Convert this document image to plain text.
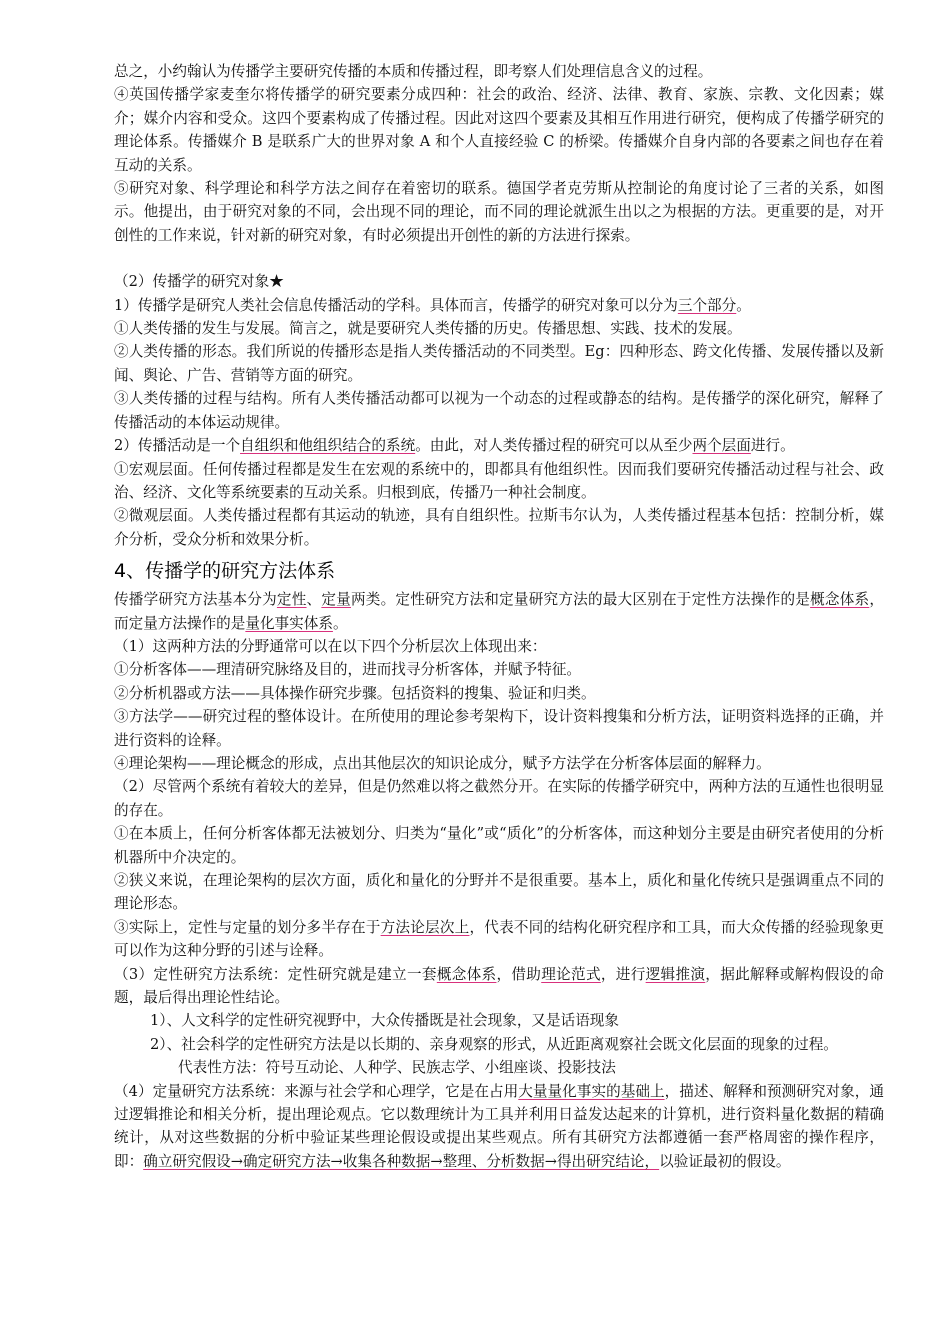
总之，小约翰认为传播学主要研究传播的本质和传播过程，即考察人们处理信息含义的过程。

④英国传播学家麦奎尔将传播学的研究要素分成四种：社会的政治、经济、法律、教育、家族、宗教、文化因素；媒介；媒介内容和受众。这四个要素构成了传播过程。因此对这四个要素及其相互作用进行研究，便构成了传播学研究的理论体系。传播媒介 B 是联系广大的世界对象 A 和个人直接经验 C 的桥梁。传播媒介自身内部的各要素之间也存在着互动的关系。

⑤研究对象、科学理论和科学方法之间存在着密切的联系。德国学者克劳斯从控制论的角度讨论了三者的关系，如图示。他提出，由于研究对象的不同，会出现不同的理论，而不同的理论就派生出以之为根据的方法。更重要的是，对开创性的工作来说，针对新的研究对象，有时必须提出开创性的新的方法进行探索。

（2）传播学的研究对象★

1）传播学是研究人类社会信息传播活动的学科。具体而言，传播学的研究对象可以分为三个部分。

①人类传播的发生与发展。简言之，就是要研究人类传播的历史。传播思想、实践、技术的发展。

②人类传播的形态。我们所说的传播形态是指人类传播活动的不同类型。Eg：四种形态、跨文化传播、发展传播以及新闻、舆论、广告、营销等方面的研究。

③人类传播的过程与结构。所有人类传播活动都可以视为一个动态的过程或静态的结构。是传播学的深化研究，解释了传播活动的本体运动规律。

2）传播活动是一个自组织和他组织结合的系统。由此，对人类传播过程的研究可以从至少两个层面进行。

①宏观层面。任何传播过程都是发生在宏观的系统中的，即都具有他组织性。因而我们要研究传播活动过程与社会、政治、经济、文化等系统要素的互动关系。归根到底，传播乃一种社会制度。

②微观层面。人类传播过程都有其运动的轨迹，具有自组织性。拉斯韦尔认为，人类传播过程基本包括：控制分析，媒介分析，受众分析和效果分析。

4、传播学的研究方法体系

传播学研究方法基本分为定性、定量两类。定性研究方法和定量研究方法的最大区别在于定性方法操作的是概念体系，而定量方法操作的是量化事实体系。

（1）这两种方法的分野通常可以在以下四个分析层次上体现出来：

①分析客体——理清研究脉络及目的，进而找寻分析客体，并赋予特征。

②分析机器或方法——具体操作研究步骤。包括资料的搜集、验证和归类。

③方法学——研究过程的整体设计。在所使用的理论参考架构下，设计资料搜集和分析方法，证明资料选择的正确，并进行资料的诠释。

④理论架构——理论概念的形成，点出其他层次的知识论成分，赋予方法学在分析客体层面的解释力。

（2）尽管两个系统有着较大的差异，但是仍然难以将之截然分开。在实际的传播学研究中，两种方法的互通性也很明显的存在。

①在本质上，任何分析客体都无法被划分、归类为“量化”或“质化”的分析客体，而这种划分主要是由研究者使用的分析机器所中介决定的。

②狭义来说，在理论架构的层次方面，质化和量化的分野并不是很重要。基本上，质化和量化传统只是强调重点不同的理论形态。

③实际上，定性与定量的划分多半存在于方法论层次上，代表不同的结构化研究程序和工具，而大众传播的经验现象更可以作为这种分野的引述与诠释。

（3）定性研究方法系统：定性研究就是建立一套概念体系，借助理论范式，进行逻辑推演，据此解释或解构假设的命题，最后得出理论性结论。

1）、人文科学的定性研究视野中，大众传播既是社会现象，又是话语现象

2）、社会科学的定性研究方法是以长期的、亲身观察的形式，从近距离观察社会既文化层面的现象的过程。

代表性方法：符号互动论、人种学、民族志学、小组座谈、投影技法

（4）定量研究方法系统：来源与社会学和心理学，它是在占用大量量化事实的基础上，描述、解释和预测研究对象，通过逻辑推论和相关分析，提出理论观点。它以数理统计为工具并利用日益发达起来的计算机，进行资料量化数据的精确统计，从对这些数据的分析中验证某些理论假设或提出某些观点。所有其研究方法都遵循一套严格周密的操作程序，即：确立研究假设→确定研究方法→收集各种数据→整理、分析数据→得出研究结论，以验证最初的假设。
